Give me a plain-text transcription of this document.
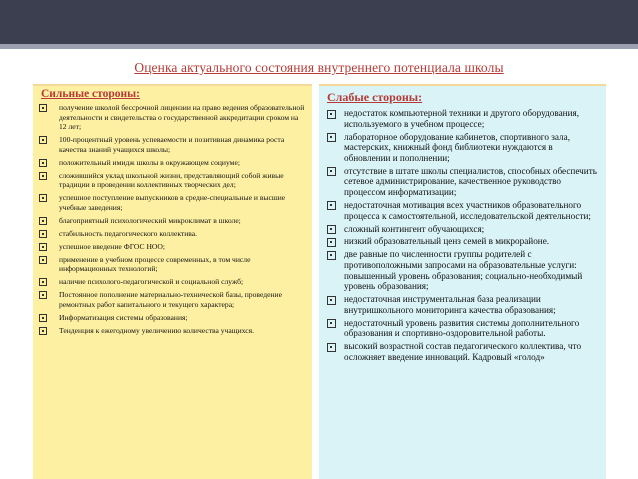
Оценка актуального состояния внутреннего потенциала школы
Сильные стороны:
получение школой бессрочной лицензии на право ведения образовательной деятельности и свидетельства о государственной аккредитации сроком на 12 лет;
100-процентный уровень успеваемости и позитивная динамика роста качества знаний учащихся школы;
положительный имидж школы в окружающем социуме;
сложившийся уклад школьной жизни, представляющий собой живые традиции в проведении коллективных творческих дел;
успешное поступление выпускников в средне-специальные и высшие учебные заведения;
благоприятный психологический микроклимат в школе;
стабильность педагогического коллектива.
успешное введение ФГОС НОО;
применение в учебном процессе современных, в том числе информационных технологий;
наличие психолого-педагогической и социальной служб;
Постоянное пополнение материально-технической базы, проведение ремонтных работ капитального и текущего характера;
Информатизация системы образования;
Тенденция к ежегодному увеличению количества учащихся.
Слабые стороны:
недостаток компьютерной техники и другого оборудования, используемого в учебном процессе;
лабораторное оборудование кабинетов, спортивного зала, мастерских, книжный фонд библиотеки нуждаются в обновлении и пополнении;
отсутствие в штате школы специалистов, способных обеспечить сетевое администрирование, качественное руководство процессом информатизации;
недостаточная мотивация всех участников образовательного процесса к самостоятельной, исследовательской деятельности;
сложный контингент обучающихся;
низкий образовательный ценз семей в микрорайоне.
две равные по численности группы родителей с противоположными запросами на образовательные услуги: повышенный уровень образования; социально-необходимый уровень образования;
недостаточная инструментальная база реализации внутришкольного мониторинга качества образования;
недостаточный уровень развития системы дополнительного образования и спортивно-оздоровительной работы.
высокий возрастной состав педагогического коллектива, что осложняет введение инноваций. Кадровый «голод»
